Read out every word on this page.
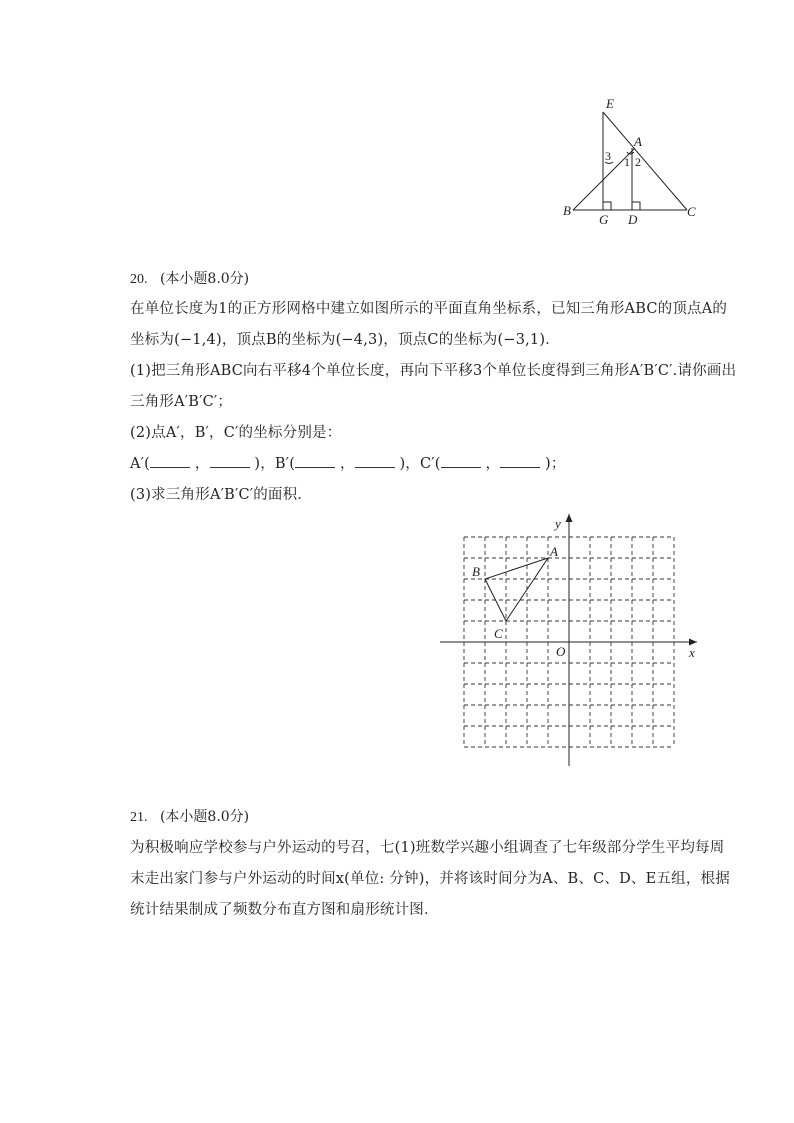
E
A
B	C
G D
1 2
3
20. (本小题8.0分)
在单位长度为1的正方形网格中建立如图所示的平面直角坐标系，已知三角形ABC的顶点A的
坐标为(−1,4)，顶点B的坐标为(−4,3)，顶点C的坐标为(−3,1)．
(1)把三角形ABC向右平移4个单位长度，再向下平移3个单位长度得到三角形A′B′C′.请你画出
三角形A′B′C′；
(2)点A′，B′，C′的坐标分别是：
A′(	，	)，B′(	，	)，C′(	，	)；
(3)求三角形A′B′C′的面积．
x
y
O
A
B
C
21. (本小题8.0分)
为积极响应学校参与户外运动的号召，七(1)班数学兴趣小组调查了七年级部分学生平均每周
末走出家门参与户外运动的时间x(单位: 分钟)，并将该时间分为A、B、C、D、E五组，根据
统计结果制成了频数分布直方图和扇形统计图．
